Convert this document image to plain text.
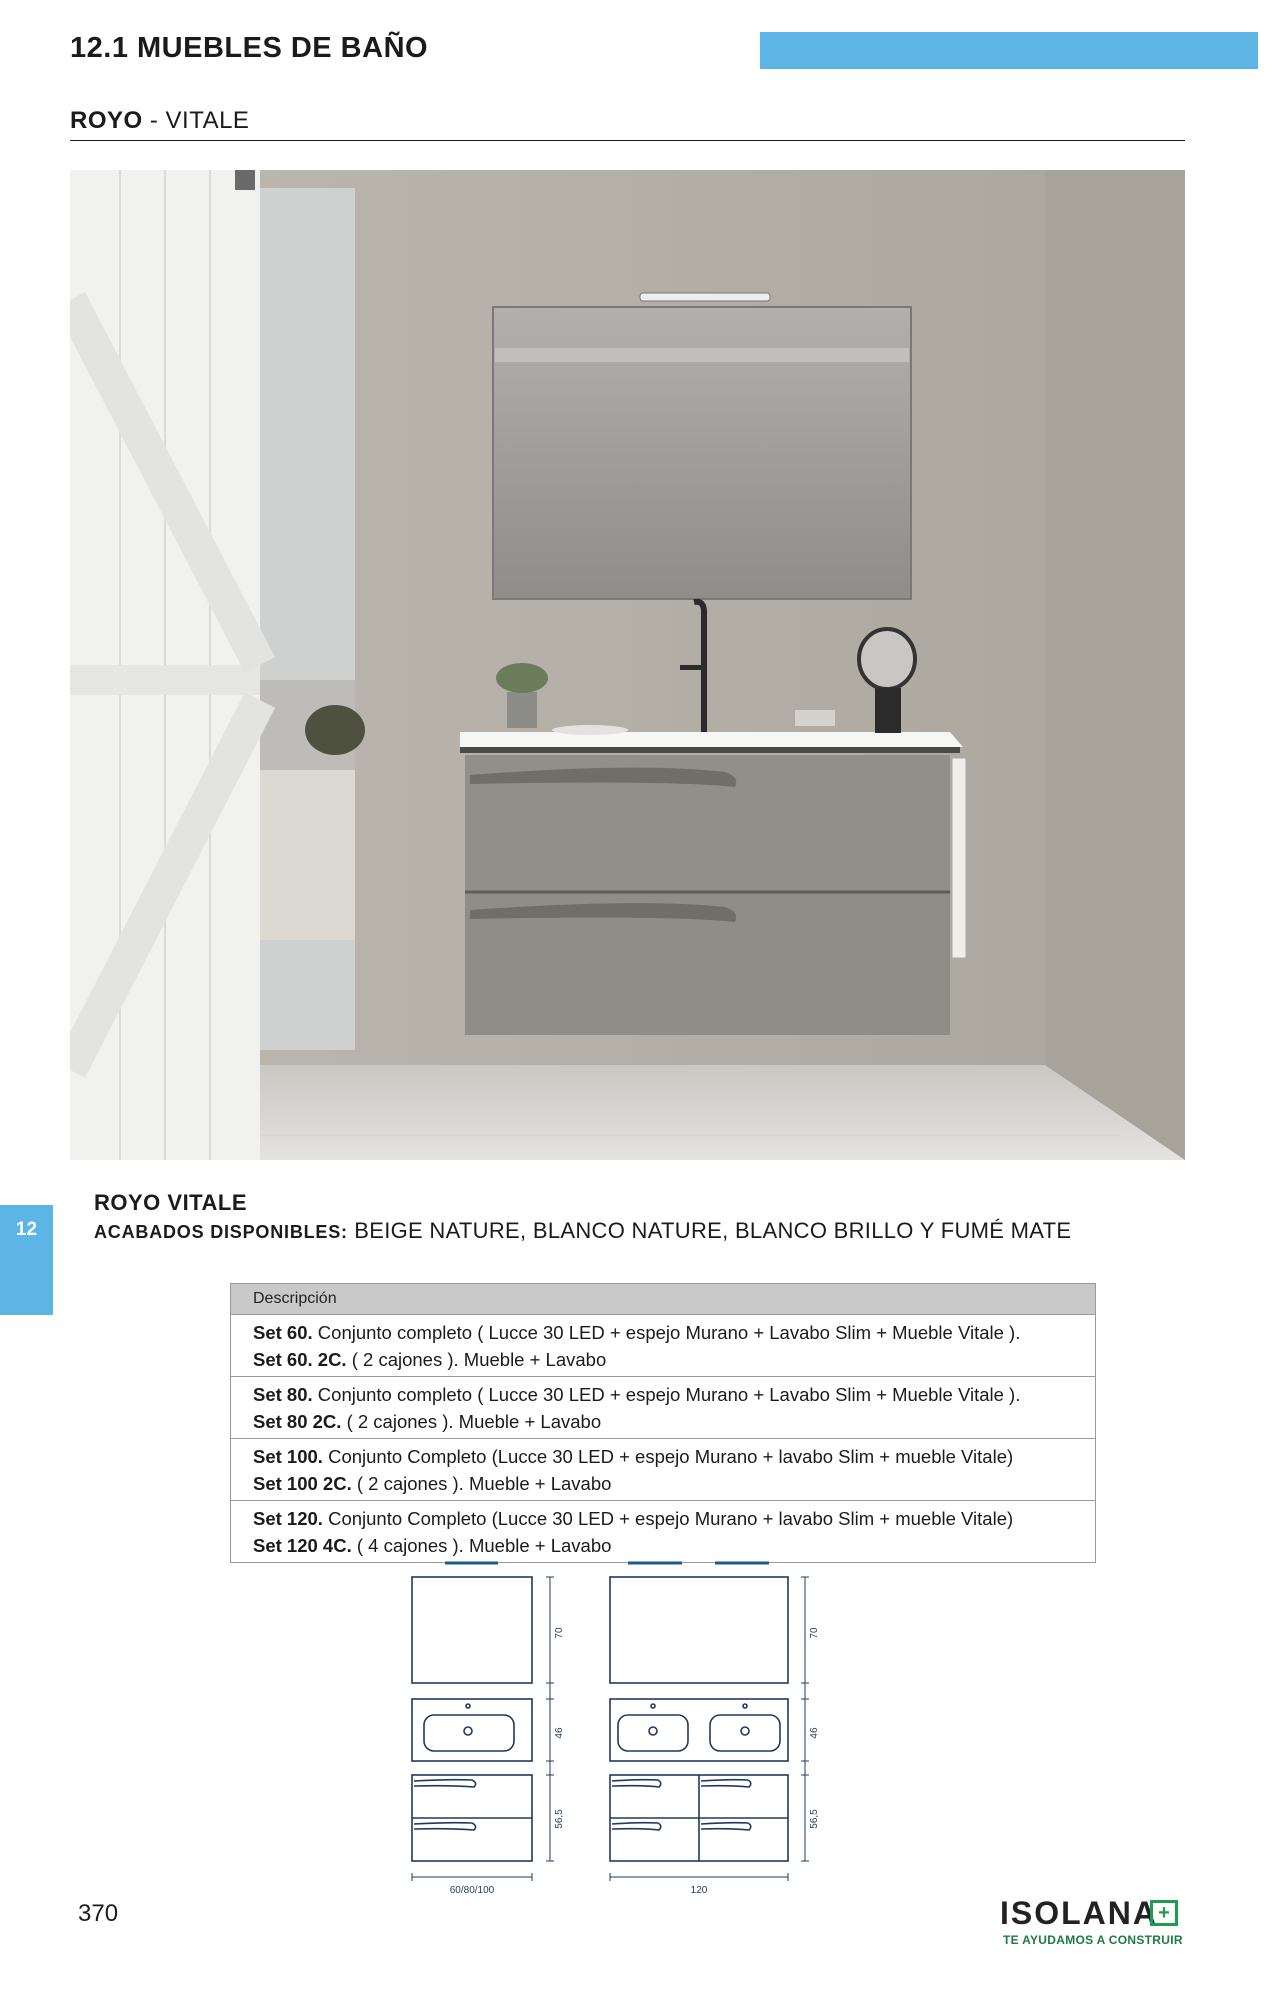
12.1 MUEBLES DE BAÑO
ROYO - VITALE
12
ROYO VITALE
ACABADOS DISPONIBLES: BEIGE NATURE, BLANCO NATURE, BLANCO BRILLO Y FUMÉ MATE
Descripción
Set 60. Conjunto completo ( Lucce 30 LED + espejo Murano + Lavabo Slim + Mueble Vitale ).
Set 60. 2C. ( 2 cajones ). Mueble + Lavabo
Set 80. Conjunto completo ( Lucce 30 LED + espejo Murano + Lavabo Slim + Mueble Vitale ).
Set 80 2C. ( 2 cajones ). Mueble + Lavabo
Set 100. Conjunto Completo (Lucce 30 LED + espejo Murano + lavabo Slim + mueble Vitale)
Set 100 2C. ( 2 cajones ). Mueble + Lavabo
Set 120. Conjunto Completo (Lucce 30 LED + espejo Murano + lavabo Slim + mueble Vitale)
Set 120 4C. ( 4 cajones ). Mueble + Lavabo
70
46
56,5
70
46
56,5
60/80/100	120
370	ISOLANA +
TE AYUDAMOS A CONSTRUIR
